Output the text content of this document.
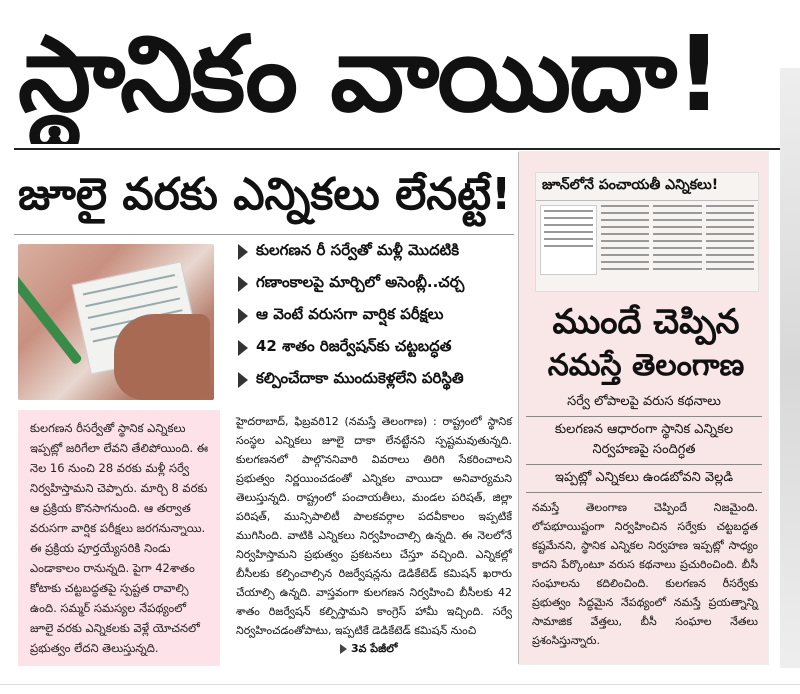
స్థానికం వాయిదా!
జూలై వరకు ఎన్నికలు లేనట్టే!
కులగణన రీ సర్వేతో మళ్లీ మొదటికి
గణాంకాలపై మార్చిలో అసెంబ్లీ..చర్చ
ఆ వెంటే వరుసగా వార్షిక పరీక్షలు
42 శాతం రిజర్వేషన్‌కు చట్టబద్ధత
కల్పించేదాకా ముందుకెళ్లలేని పరిస్థితి

కులగణన రీసర్వేతో స్థానిక ఎన్నికలు ఇప్పట్లో జరిగేలా లేవని తేలిపోయింది. ఈ నెల 16 నుంచి 28 వరకు మళ్లీ సర్వే నిర్వహిస్తామని చెప్పారు. మార్చి 8 వరకు ఆ ప్రక్రియ కొనసాగనుంది. ఆ తర్వాత వరుసగా వార్షిక పరీక్షలు జరగనున్నాయి. ఈ ప్రక్రియ పూర్తయ్యేసరికి నిండు ఎండాకాలం రానున్నది. పైగా 42శాతం కోటాకు చట్టబద్ధతపై స్పష్టత రావాల్సి ఉంది. సమ్మర్ సమస్యల నేపథ్యంలో జూలై వరకు ఎన్నికలకు వెళ్లే యోచనలో ప్రభుత్వం లేదని తెలుస్తున్నది.

హైదరాబాద్, ఫిబ్రవరి12 (నమస్తే తెలంగాణ) : రాష్ట్రంలో స్థానిక సంస్థల ఎన్నికలు జూలై దాకా లేనట్టేనని స్పష్టమవుతున్నది. కులగణనలో పాల్గొననివారి వివరాలు తిరిగి సేకరించాలని ప్రభుత్వం నిర్ణయించడంతో ఎన్నికల వాయిదా అనివార్యమని తెలుస్తున్నది. రాష్ట్రంలో పంచాయతీలు, మండల పరిషత్, జిల్లా పరిషత్, మున్సిపాలిటీ పాలకవర్గాల పదవీకాలం ఇప్పటికే ముగిసింది. వాటికి ఎన్నికలు నిర్వహించాల్సి ఉన్నది. ఈ నెలలోనే నిర్వహిస్తామని ప్రభుత్వం ప్రకటనలు చేస్తూ వచ్చింది. ఎన్నికల్లో బీసీలకు కల్పించాల్సిన రిజర్వేషన్లను డెడికేటెడ్ కమిషన్ ఖరారు చేయాల్సి ఉన్నది. వాస్తవంగా కులగణన నిర్వహించి బీసీలకు 42 శాతం రిజర్వేషన్ కల్పిస్తామని కాంగ్రెస్ హామీ ఇచ్చింది. సర్వే నిర్వహించడంతోపాటు, ఇప్పటికే డెడికేటెడ్ కమిషన్ నుంచి

3వ పేజీలో
జూన్‌లోనే పంచాయతీ ఎన్నికలు!
ముందే చెప్పిన
నమస్తే తెలంగాణ
సర్వే లోపాలపై వరుస కథనాలు
కులగణన ఆధారంగా స్థానిక ఎన్నికల
నిర్వహణపై సందిగ్ధత
ఇప్పట్లో ఎన్నికలు ఉండబోవని వెల్లడి

నమస్తే తెలంగాణ చెప్పిందే నిజమైంది. లోపభూయిష్టంగా నిర్వహించిన సర్వేకు చట్టబద్ధత కష్టమేనని, స్థానిక ఎన్నికల నిర్వహణ ఇప్పట్లో సాధ్యం కాదని పేర్కొంటూ వరుస కథనాలు ప్రచురించింది. బీసీ సంఘాలను కదిలించింది. కులగణన రీసర్వేకు ప్రభుత్వం సిద్ధమైన నేపథ్యంలో నమస్తే ప్రయత్నాన్ని సామాజిక వేత్తలు, బీసీ సంఘాల నేతలు ప్రశంసిస్తున్నారు.
